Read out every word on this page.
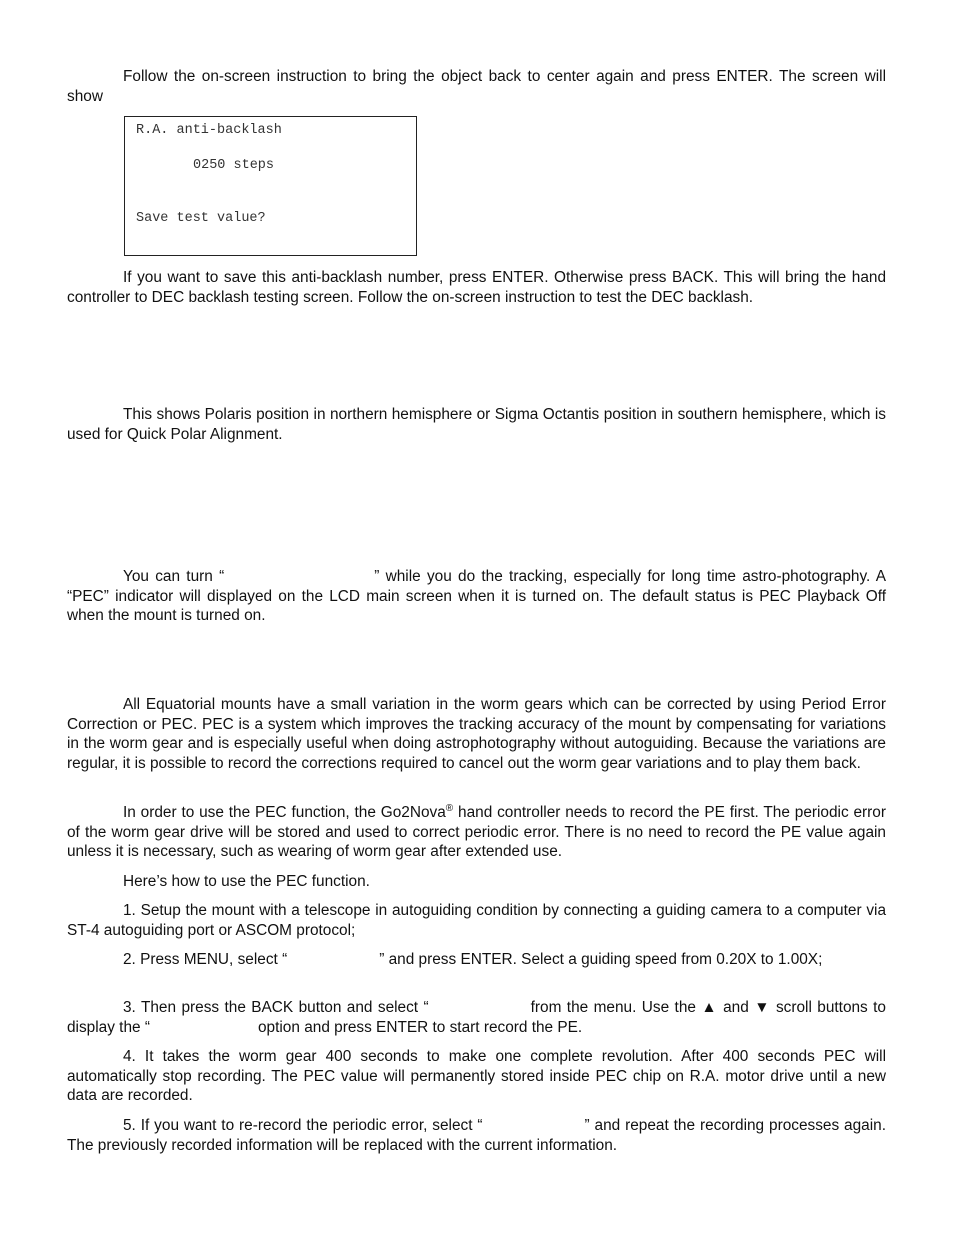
Follow the on-screen instruction to bring the object back to center again and press ENTER. The screen will show

R.A. anti-backlash
0250 steps
Save test value?

If you want to save this anti-backlash number, press ENTER. Otherwise press BACK. This will bring the hand controller to DEC backlash testing screen. Follow the on-screen instruction to test the DEC backlash.

This shows Polaris position in northern hemisphere or Sigma Octantis position in southern hemisphere, which is used for Quick Polar Alignment.

You can turn “	” while you do the tracking, especially for long time astro-photography. A “PEC” indicator will displayed on the LCD main screen when it is turned on. The default status is PEC Playback Off when the mount is turned on.

All Equatorial mounts have a small variation in the worm gears which can be corrected by using Period Error Correction or PEC. PEC is a system which improves the tracking accuracy of the mount by compensating for variations in the worm gear and is especially useful when doing astrophotography without autoguiding. Because the variations are regular, it is possible to record the corrections required to cancel out the worm gear variations and to play them back.

In order to use the PEC function, the Go2Nova® hand controller needs to record the PE first. The periodic error of the worm gear drive will be stored and used to correct periodic error. There is no need to record the PE value again unless it is necessary, such as wearing of worm gear after extended use.

Here’s how to use the PEC function.

1. Setup the mount with a telescope in autoguiding condition by connecting a guiding camera to a computer via ST-4 autoguiding port or ASCOM protocol;

2. Press MENU, select “	” and press ENTER. Select a guiding speed from 0.20X to 1.00X;

3. Then press the BACK button and select “	from the menu. Use the ▲ and ▼ scroll buttons to display the “	option and press ENTER to start record the PE.

4. It takes the worm gear 400 seconds to make one complete revolution. After 400 seconds PEC will automatically stop recording. The PEC value will permanently stored inside PEC chip on R.A. motor drive until a new data are recorded.

5. If you want to re-record the periodic error, select “	” and repeat the recording processes again. The previously recorded information will be replaced with the current information.
